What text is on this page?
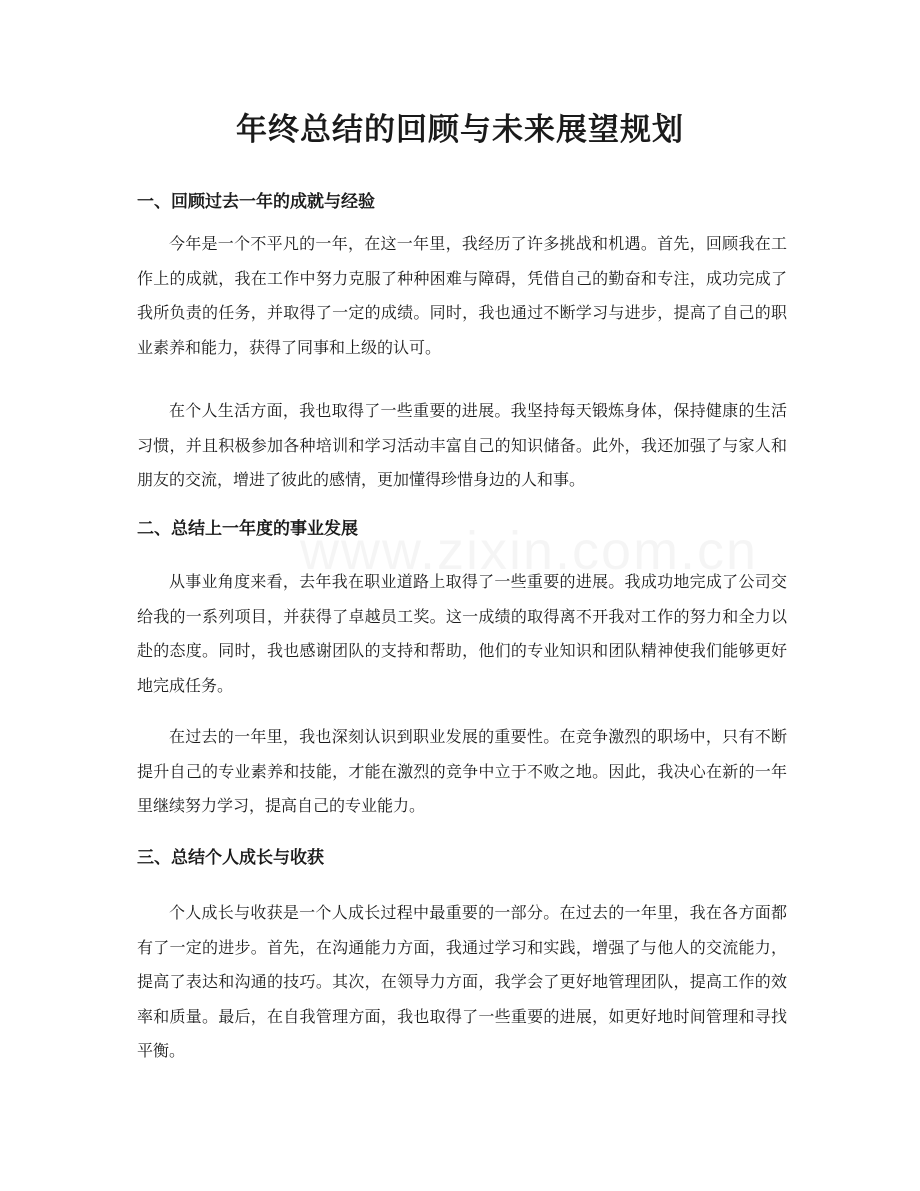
年终总结的回顾与未来展望规划
一、回顾过去一年的成就与经验

今年是一个不平凡的一年，在这一年里，我经历了许多挑战和机遇。首先，回顾我在工作上的成就，我在工作中努力克服了种种困难与障碍，凭借自己的勤奋和专注，成功完成了我所负责的任务，并取得了一定的成绩。同时，我也通过不断学习与进步，提高了自己的职业素养和能力，获得了同事和上级的认可。

在个人生活方面，我也取得了一些重要的进展。我坚持每天锻炼身体，保持健康的生活习惯，并且积极参加各种培训和学习活动丰富自己的知识储备。此外，我还加强了与家人和朋友的交流，增进了彼此的感情，更加懂得珍惜身边的人和事。

二、总结上一年度的事业发展

从事业角度来看，去年我在职业道路上取得了一些重要的进展。我成功地完成了公司交给我的一系列项目，并获得了卓越员工奖。这一成绩的取得离不开我对工作的努力和全力以赴的态度。同时，我也感谢团队的支持和帮助，他们的专业知识和团队精神使我们能够更好地完成任务。

在过去的一年里，我也深刻认识到职业发展的重要性。在竞争激烈的职场中，只有不断提升自己的专业素养和技能，才能在激烈的竞争中立于不败之地。因此，我决心在新的一年里继续努力学习，提高自己的专业能力。

三、总结个人成长与收获

个人成长与收获是一个人成长过程中最重要的一部分。在过去的一年里，我在各方面都有了一定的进步。首先，在沟通能力方面，我通过学习和实践，增强了与他人的交流能力，提高了表达和沟通的技巧。其次，在领导力方面，我学会了更好地管理团队，提高工作的效率和质量。最后，在自我管理方面，我也取得了一些重要的进展，如更好地时间管理和寻找平衡。
